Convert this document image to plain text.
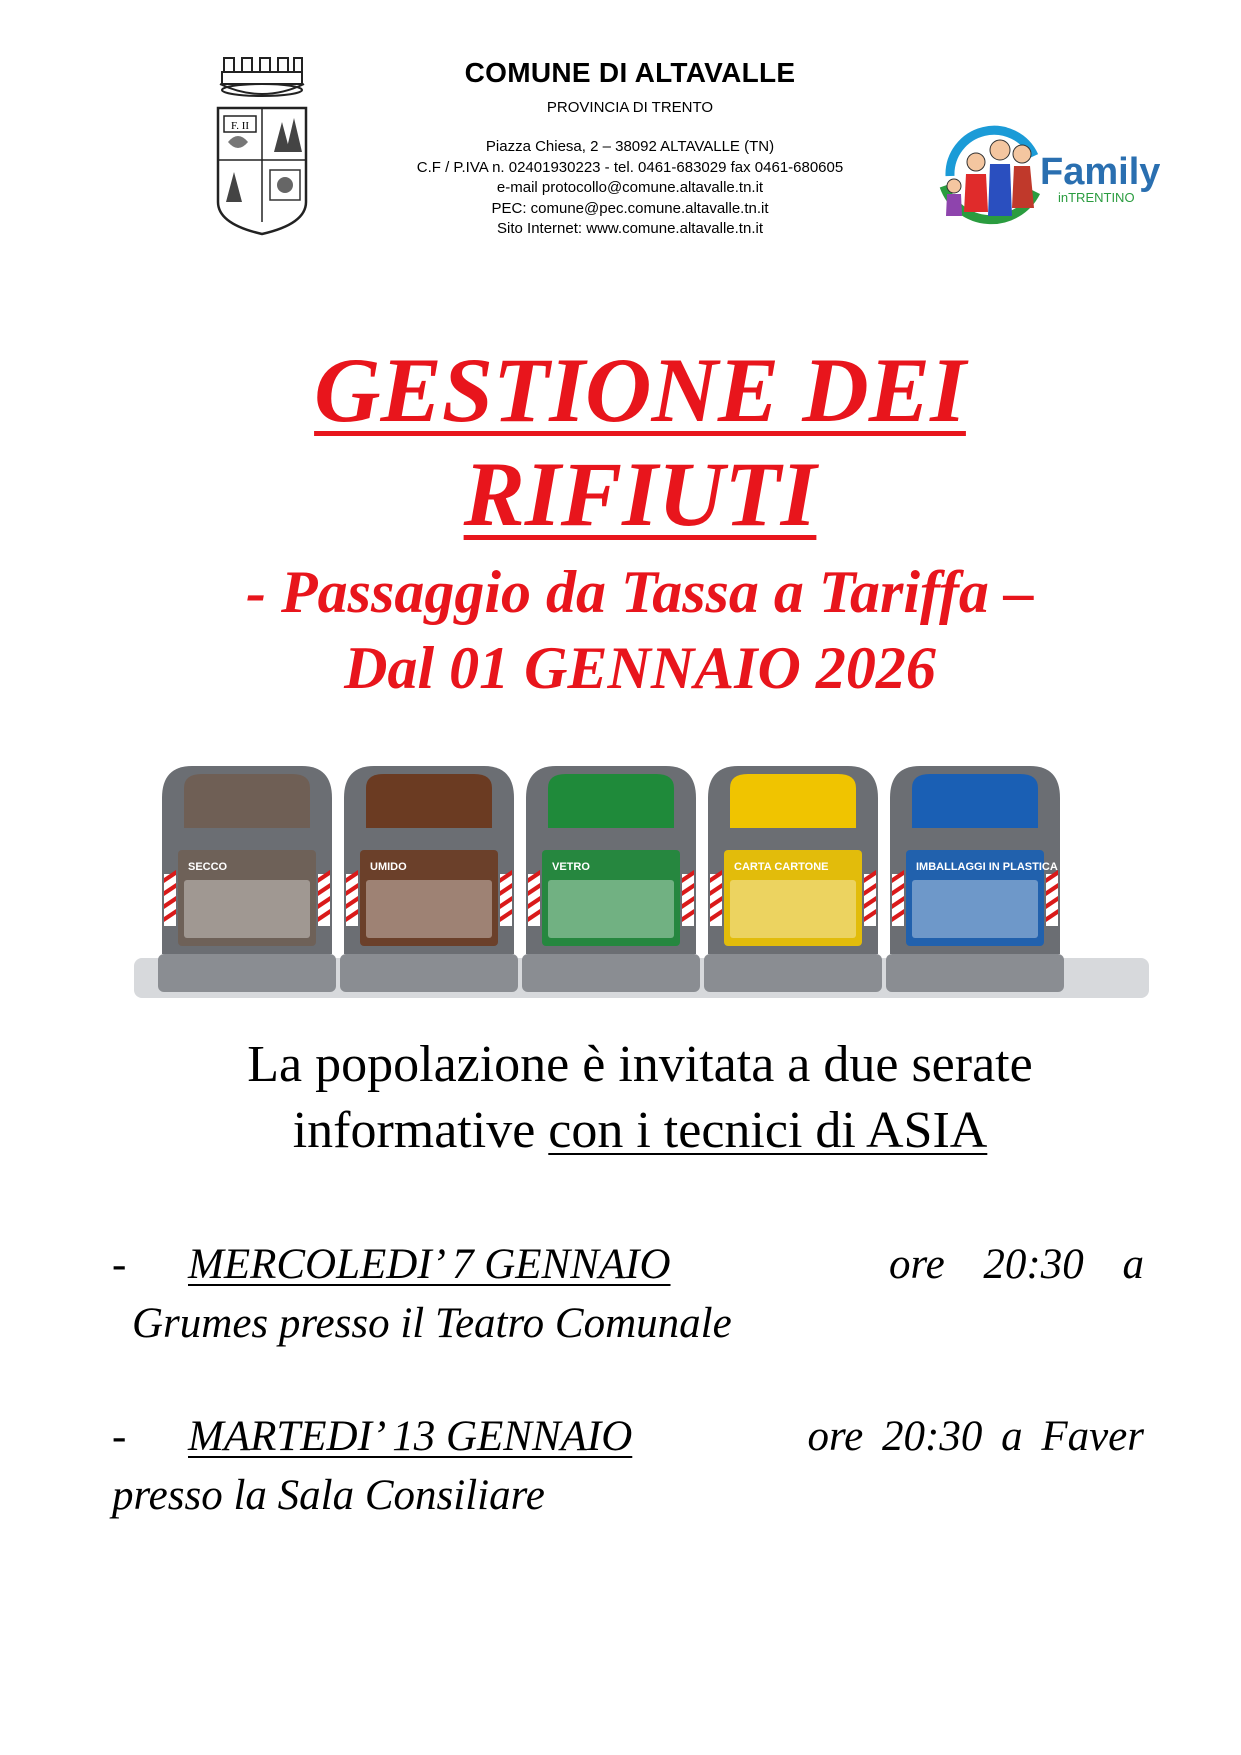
F. II
COMUNE DI ALTAVALLE
PROVINCIA DI TRENTO
Piazza Chiesa, 2 – 38092 ALTAVALLE (TN)
C.F / P.IVA n. 02401930223 - tel. 0461-683029 fax 0461-680605
e-mail protocollo@comune.altavalle.tn.it
PEC: comune@pec.comune.altavalle.tn.it
Sito Internet: www.comune.altavalle.tn.it
Family
inTRENTINO
GESTIONE DEI
RIFIUTI
- Passaggio da Tassa a Tariffa –
Dal 01 GENNAIO 2026
SECCO	UMIDO	VETRO	CARTA CARTONE	IMBALLAGGI IN PLASTICA
La popolazione è invitata a due serate
informative con i tecnici di ASIA
-	MERCOLEDI’ 7 GENNAIO	ore 20:30 a
Grumes presso il Teatro Comunale
-	MARTEDI’ 13 GENNAIO	ore 20:30 a Faver
presso la Sala Consiliare
